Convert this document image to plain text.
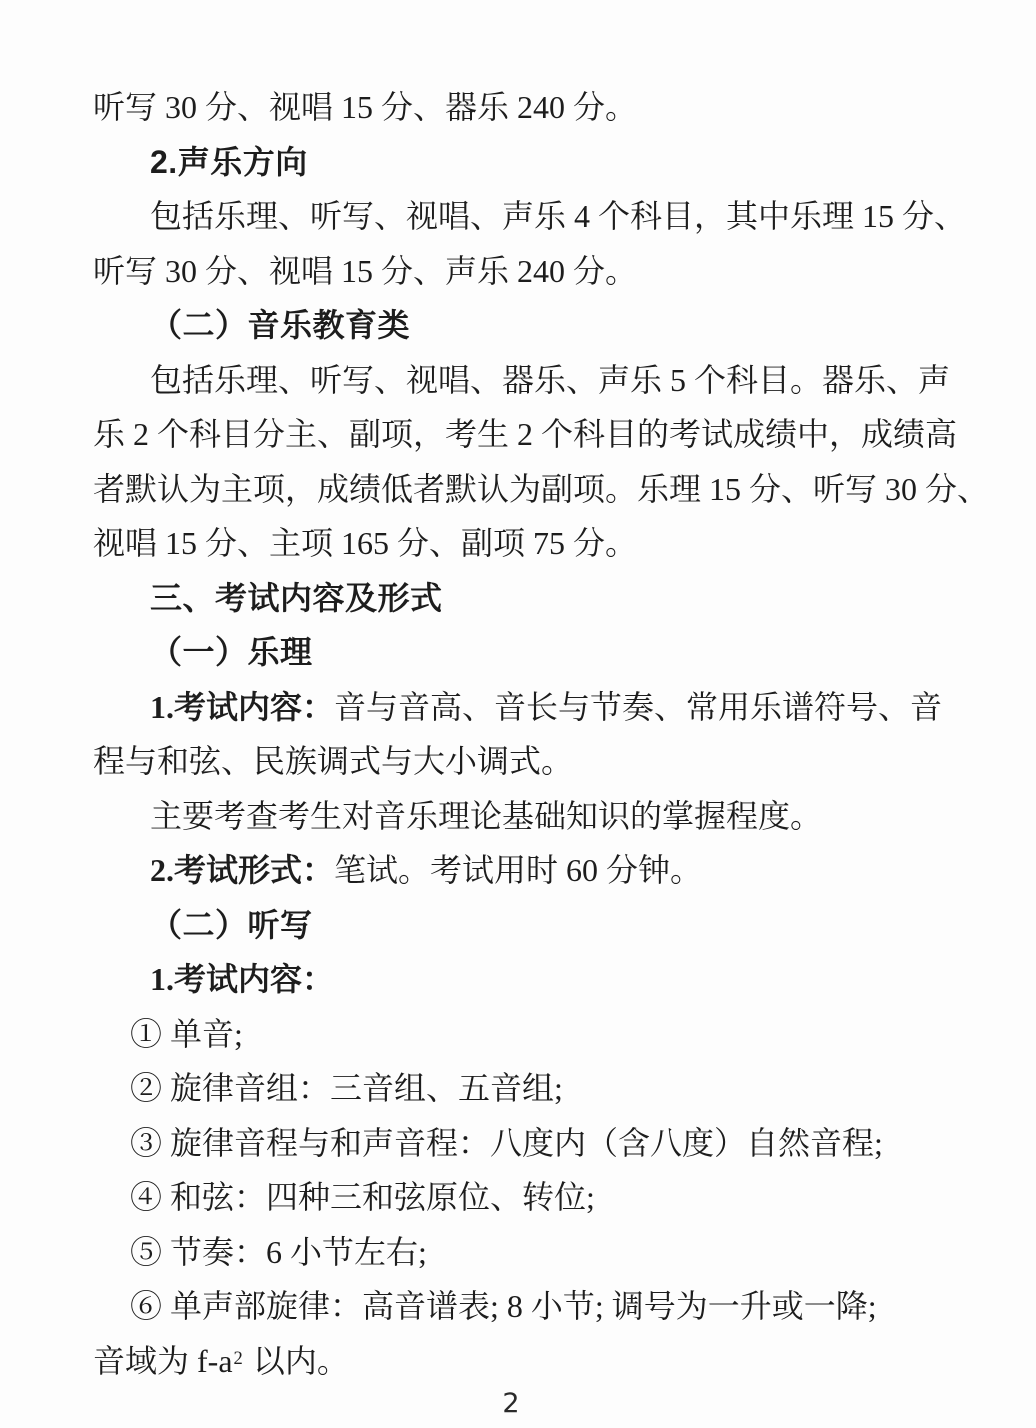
听写 30 分、视唱 15 分、器乐 240 分。
2.声乐方向
包括乐理、听写、视唱、声乐 4 个科目，其中乐理 15 分、
听写 30 分、视唱 15 分、声乐 240 分。
（二）音乐教育类
包括乐理、听写、视唱、器乐、声乐 5 个科目。器乐、声
乐 2 个科目分主、副项，考生 2 个科目的考试成绩中，成绩高
者默认为主项，成绩低者默认为副项。乐理 15 分、听写 30 分、
视唱 15 分、主项 165 分、副项 75 分。
三、考试内容及形式
（一）乐理
1.考试内容： 音与音高、音长与节奏、常用乐谱符号、音
程与和弦、民族调式与大小调式。
主要考查考生对音乐理论基础知识的掌握程度。
2.考试形式： 笔试。考试用时 60 分钟。
（二）听写
1.考试内容：
① 单音;
② 旋律音组：三音组、五音组;
③ 旋律音程与和声音程：八度内（含八度）自然音程;
④ 和弦：四种三和弦原位、转位;
⑤ 节奏：6 小节左右;
⑥ 单声部旋律：高音谱表; 8 小节; 调号为一升或一降;
音域为 f-a 2 以内。
2
